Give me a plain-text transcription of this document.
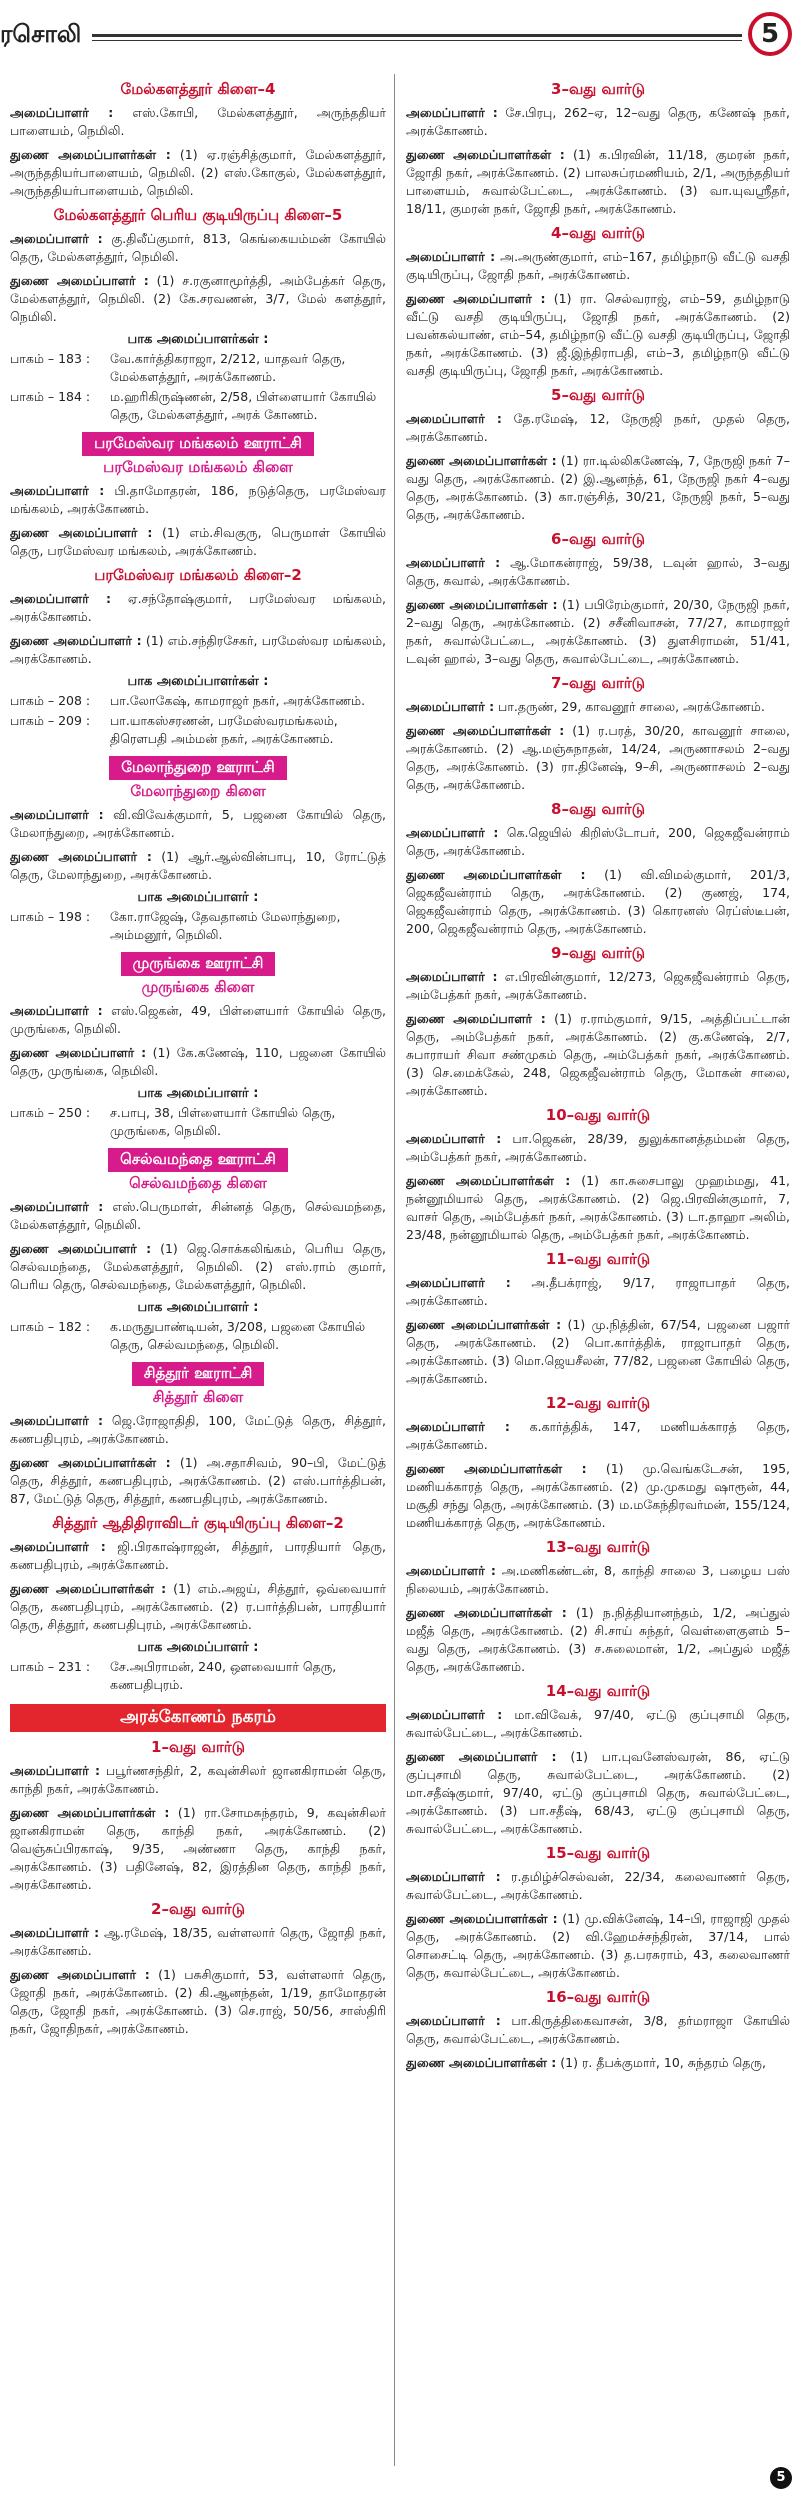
ரசொலி	5
மேல்களத்தூர் கிளை–4

அமைப்பாளர் : எஸ்.கோபி, மேல்களத்தூர், அருந்ததியர் பாளையம், நெமிலி.

துணை அமைப்பாளர்கள் : (1) ஏ.ரஞ்சித்குமார், மேல்களத்தூர், அருந்ததியர்பாளையம், நெமிலி. (2) எஸ்.கோகுல், மேல்களத்தூர், அருந்ததியர்பாளையம், நெமிலி.

மேல்களத்தூர் பெரிய குடியிருப்பு கிளை–5

அமைப்பாளர் : கு.திலீப்குமார், 813, கெங்கையம்மன் கோயில் தெரு, மேல்களத்தூர், நெமிலி.

துணை அமைப்பாளர் : (1) ச.ரகுனாமூர்த்தி, அம்பேத்கர் தெரு, மேல்களத்தூர், நெமிலி. (2) கே.சரவணன், 3/7, மேல் களத்தூர், நெமிலி.

பாக அமைப்பாளர்கள் :
பாகம் – 183 :	வே.கார்த்திகராஜா, 2/212, யாதவர் தெரு, மேல்களத்தூர், அரக்கோணம்.
பாகம் – 184 :	ம.ஹரிகிருஷ்ணன், 2/58, பிள்ளையார் கோயில் தெரு, மேல்களத்தூர், அரக் கோணம்.
பரமேஸ்வர மங்கலம் ஊராட்சி
பரமேஸ்வர மங்கலம் கிளை

அமைப்பாளர் : பி.தாமோதரன், 186, நடுத்தெரு, பரமேஸ்வர மங்கலம், அரக்கோணம்.

துணை அமைப்பாளர் : (1) எம்.சிவகுரு, பெருமாள் கோயில் தெரு, பரமேஸ்வர மங்கலம், அரக்கோணம்.

பரமேஸ்வர மங்கலம் கிளை–2

அமைப்பாளர் : ஏ.சந்தோஷ்குமார், பரமேஸ்வர மங்கலம், அரக்கோணம்.

துணை அமைப்பாளர் : (1) எம்.சந்திரசேகர், பரமேஸ்வர மங்கலம், அரக்கோணம்.

பாக அமைப்பாளர்கள் :
பாகம் – 208 :	பா.லோகேஷ், காமராஜர் நகர், அரக்கோணம்.
பாகம் – 209 :	பா.யாகஸ்சரணன், பரமேஸ்வரமங்கலம், திரௌபதி அம்மன் நகர், அரக்கோணம்.
மேலாந்துறை ஊராட்சி
மேலாந்துறை கிளை

அமைப்பாளர் : வி.விவேக்குமார், 5, பஜனை கோயில் தெரு, மேலாந்துறை, அரக்கோணம்.

துணை அமைப்பாளர் : (1) ஆர்.ஆல்வின்பாபு, 10, ரோட்டுத் தெரு, மேலாந்துறை, அரக்கோணம்.

பாக அமைப்பாளர் :
பாகம் – 198 :	கோ.ராஜேஷ், தேவதானம் மேலாந்துறை, அம்மனூர், நெமிலி.
முருங்கை ஊராட்சி
முருங்கை கிளை

அமைப்பாளர் : எஸ்.ஜெகன், 49, பிள்ளையார் கோயில் தெரு, முருங்கை, நெமிலி.

துணை அமைப்பாளர் : (1) கே.கணேஷ், 110, பஜனை கோயில் தெரு, முருங்கை, நெமிலி.

பாக அமைப்பாளர் :
பாகம் – 250 :	ச.பாபு, 38, பிள்ளையார் கோயில் தெரு, முருங்கை, நெமிலி.
செல்வமந்தை ஊராட்சி
செல்வமந்தை கிளை

அமைப்பாளர் : எஸ்.பெருமாள், சின்னத் தெரு, செல்வமந்தை, மேல்களத்தூர், நெமிலி.

துணை அமைப்பாளர் : (1) ஜெ.சொக்கலிங்கம், பெரிய தெரு, செல்வமந்தை, மேல்களத்தூர், நெமிலி. (2) எஸ்.ராம் குமார், பெரிய தெரு, செல்வமந்தை, மேல்களத்தூர், நெமிலி.

பாக அமைப்பாளர் :
பாகம் – 182 :	க.மருதுபாண்டியன், 3/208, பஜனை கோயில் தெரு, செல்வமந்தை, நெமிலி.
சித்தூர் ஊராட்சி
சித்தூர் கிளை

அமைப்பாளர் : ஜெ.ரோஜாதிதி, 100, மேட்டுத் தெரு, சித்தூர், கணபதிபுரம், அரக்கோணம்.

துணை அமைப்பாளர்கள் : (1) அ.சதாசிவம், 90–பி, மேட்டுத் தெரு, சித்தூர், கணபதிபுரம், அரக்கோணம். (2) எஸ்.பார்த்திபன், 87, மேட்டுத் தெரு, சித்தூர், கணபதிபுரம், அரக்கோணம்.

சித்தூர் ஆதிதிராவிடர் குடியிருப்பு கிளை–2

அமைப்பாளர் : ஜி.பிரகாஷ்ராஜன், சித்தூர், பாரதியார் தெரு, கணபதிபுரம், அரக்கோணம்.

துணை அமைப்பாளர்கள் : (1) எம்.அஜய், சித்தூர், ஒவ்வையார் தெரு, கணபதிபுரம், அரக்கோணம். (2) ர.பார்த்திபன், பாரதியார் தெரு, சித்தூர், கணபதிபுரம், அரக்கோணம்.

பாக அமைப்பாளர் :
பாகம் – 231 :	சே.அபிராமன், 240, ஔவையார் தெரு, கணபதிபுரம்.
அரக்கோணம் நகரம்
1–வது வார்டு

அமைப்பாளர் : பபூர்ணசந்திர், 2, கவுன்சிலர் ஜானகிராமன் தெரு, காந்தி நகர், அரக்கோணம்.

துணை அமைப்பாளர்கள் : (1) ரா.சோமசுந்தரம், 9, கவுன்சிலர் ஜானகிராமன் தெரு, காந்தி நகர், அரக்கோணம். (2) வெஞ்சுப்பிரகாஷ், 9/35, அண்ணா தெரு, காந்தி நகர், அரக்கோணம். (3) பதினேஷ், 82, இரத்தின தெரு, காந்தி நகர், அரக்கோணம்.

2–வது வார்டு

அமைப்பாளர் : ஆ.ரமேஷ், 18/35, வள்ளலார் தெரு, ஜோதி நகர், அரக்கோணம்.

துணை அமைப்பாளர் : (1) பசுசிகுமார், 53, வள்ளலார் தெரு, ஜோதி நகர், அரக்கோணம். (2) கி.ஆனந்தன், 1/19, தாமோதரன் தெரு, ஜோதி நகர், அரக்கோணம். (3) செ.ராஜ், 50/56, சாஸ்திரி நகர், ஜோதிநகர், அரக்கோணம்.

3–வது வார்டு

அமைப்பாளர் : சே.பிரபு, 262–ஏ, 12–வது தெரு, கணேஷ் நகர், அரக்கோணம்.

துணை அமைப்பாளர்கள் : (1) க.பிரவின், 11/18, குமரன் நகர், ஜோதி நகர், அரக்கோணம். (2) பாலசுப்ரமணியம், 2/1, அருந்ததியர் பாளையம், சுவால்பேட்டை, அரக்கோணம். (3) வா.யுவஸ்ரீதர், 18/11, குமரன் நகர், ஜோதி நகர், அரக்கோணம்.

4–வது வார்டு

அமைப்பாளர் : அ.அருண்குமார், எம்–167, தமிழ்நாடு வீட்டு வசதி குடியிருப்பு, ஜோதி நகர், அரக்கோணம்.

துணை அமைப்பாளர் : (1) ரா. செல்வராஜ், எம்–59, தமிழ்நாடு வீட்டு வசதி குடியிருப்பு, ஜோதி நகர், அரக்கோணம். (2) பவன்கல்யாண், எம்–54, தமிழ்நாடு வீட்டு வசதி குடியிருப்பு, ஜோதி நகர், அரக்கோணம். (3) ஜீ.இந்திராபதி, எம்–3, தமிழ்நாடு வீட்டு வசதி குடியிருப்பு, ஜோதி நகர், அரக்கோணம்.

5–வது வார்டு

அமைப்பாளர் : தே.ரமேஷ், 12, நேருஜி நகர், முதல் தெரு, அரக்கோணம்.

துணை அமைப்பாளர்கள் : (1) ரா.டில்லிகணேஷ், 7, நேருஜி நகர் 7–வது தெரு, அரக்கோணம். (2) இ.ஆனந்த், 61, நேருஜி நகர் 4–வது தெரு, அரக்கோணம். (3) கா.ரஞ்சித், 30/21, நேருஜி நகர், 5–வது தெரு, அரக்கோணம்.

6–வது வார்டு

அமைப்பாளர் : ஆ.மோகன்ராஜ், 59/38, டவுன் ஹால், 3–வது தெரு, சுவால், அரக்கோணம்.

துணை அமைப்பாளர்கள் : (1) பபிரேம்குமார், 20/30, நேருஜி நகர், 2–வது தெரு, அரக்கோணம். (2) சசீனிவாசன், 77/27, காமராஜர் நகர், சுவால்பேட்டை, அரக்கோணம். (3) துளசிராமன், 51/41, டவுன் ஹால், 3–வது தெரு, சுவால்பேட்டை, அரக்கோணம்.

7–வது வார்டு

அமைப்பாளர் : பா.தருண், 29, காவனூர் சாலை, அரக்கோணம்.

துணை அமைப்பாளர்கள் : (1) ர.பரத், 30/20, காவனூர் சாலை, அரக்கோணம். (2) ஆ.மஞ்சுநாதன், 14/24, அருணாசலம் 2–வது தெரு, அரக்கோணம். (3) ரா.தினேஷ், 9–சி, அருணாசலம் 2–வது தெரு, அரக்கோணம்.

8–வது வார்டு

அமைப்பாளர் : கெ.ஜெயில் கிறிஸ்டோபர், 200, ஜெகஜீவன்ராம் தெரு, அரக்கோணம்.

துணை அமைப்பாளர்கள் : (1) வி.விமல்குமார், 201/3, ஜெகஜீவன்ராம் தெரு, அரக்கோணம். (2) குணஜ், 174, ஜெகஜீவன்ராம் தெரு, அரக்கோணம். (3) கொரனஸ் ரெப்ஸ்டீபன், 200, ஜெகஜீவன்ராம் தெரு, அரக்கோணம்.

9–வது வார்டு

அமைப்பாளர் : எ.பிரவின்குமார், 12/273, ஜெகஜீவன்ராம் தெரு, அம்பேத்கர் நகர், அரக்கோணம்.

துணை அமைப்பாளர் : (1) ர.ராம்குமார், 9/15, அத்திப்பட்டான் தெரு, அம்பேத்கர் நகர், அரக்கோணம். (2) கு.கணேஷ், 2/7, சுபாராயர் சிவா சண்முகம் தெரு, அம்பேத்கர் நகர், அரக்கோணம். (3) செ.மைக்கேல், 248, ஜெகஜீவன்ராம் தெரு, மோகன் சாலை, அரக்கோணம்.

10–வது வார்டு

அமைப்பாளர் : பா.ஜெகன், 28/39, துலுக்கானத்தம்மன் தெரு, அம்பேத்கர் நகர், அரக்கோணம்.

துணை அமைப்பாளர்கள் : (1) கா.சுசைபாலு முஹம்மது, 41, நன்னூமியால் தெரு, அரக்கோணம். (2) ஜெ.பிரவின்குமார், 7, வாசர் தெரு, அம்பேத்கர் நகர், அரக்கோணம். (3) டா.தாஹா அலிம், 23/48, நன்னூமியால் தெரு, அம்பேத்கர் நகர், அரக்கோணம்.

11–வது வார்டு

அமைப்பாளர் : அ.தீபக்ராஜ், 9/17, ராஜாபாதர் தெரு, அரக்கோணம்.

துணை அமைப்பாளர்கள் : (1) மு.நித்தின், 67/54, பஜனை பஜார் தெரு, அரக்கோணம். (2) பொ.கார்த்திக், ராஜாபாதர் தெரு, அரக்கோணம். (3) மொ.ஜெயசீலன், 77/82, பஜனை கோயில் தெரு, அரக்கோணம்.

12–வது வார்டு

அமைப்பாளர் : க.கார்த்திக், 147, மணியக்காரத் தெரு, அரக்கோணம்.

துணை அமைப்பாளர்கள் : (1) மு.வெங்கடேசன், 195, மணியக்காரத் தெரு, அரக்கோணம். (2) மு.முகமது ஷாரூன், 44, மசூதி சந்து தெரு, அரக்கோணம். (3) ம.மகேந்திரவர்மன், 155/124, மணியக்காரத் தெரு, அரக்கோணம்.

13–வது வார்டு

அமைப்பாளர் : அ.மணிகண்டன், 8, காந்தி சாலை 3, பழைய பஸ் நிலையம், அரக்கோணம்.

துணை அமைப்பாளர்கள் : (1) ந.நித்தியானந்தம், 1/2, அப்துல் மஜீத் தெரு, அரக்கோணம். (2) சி.சாய் சுந்தர், வெள்ளைகுளம் 5–வது தெரு, அரக்கோணம். (3) ச.சுலைமான், 1/2, அப்துல் மஜீத் தெரு, அரக்கோணம்.

14–வது வார்டு

அமைப்பாளர் : மா.விவேக், 97/40, ஏட்டு குப்புசாமி தெரு, சுவால்பேட்டை, அரக்கோணம்.

துணை அமைப்பாளர் : (1) பா.புவனேஸ்வரன், 86, ஏட்டு குப்புசாமி தெரு, சுவால்பேட்டை, அரக்கோணம். (2) மா.சதீஷ்குமார், 97/40, ஏட்டு குப்புசாமி தெரு, சுவால்பேட்டை, அரக்கோணம். (3) பா.சதீஷ், 68/43, ஏட்டு குப்புசாமி தெரு, சுவால்பேட்டை, அரக்கோணம்.

15–வது வார்டு

அமைப்பாளர் : ர.தமிழ்ச்செல்வன், 22/34, கலைவாணர் தெரு, சுவால்பேட்டை, அரக்கோணம்.

துணை அமைப்பாளர்கள் : (1) மு.விக்னேஷ், 14–பி, ராஜாஜி முதல் தெரு, அரக்கோணம். (2) வி.ஹேமச்சந்திரன், 37/14, பால் சொசைட்டி தெரு, அரக்கோணம். (3) த.பரசுராம், 43, கலைவாணர் தெரு, சுவால்பேட்டை, அரக்கோணம்.

16–வது வார்டு

அமைப்பாளர் : பா.கிருத்திகைவாசன், 3/8, தர்மராஜா கோயில் தெரு, சுவால்பேட்டை, அரக்கோணம்.

துணை அமைப்பாளர்கள் : (1) ர. தீபக்குமார், 10, சுந்தரம் தெரு,

5
